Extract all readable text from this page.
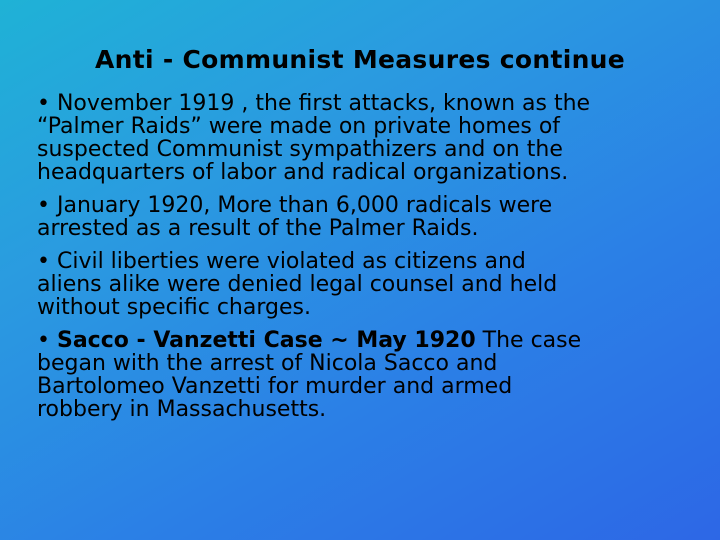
Anti - Communist Measures continue
• November 1919 , the first attacks, known as the
“Palmer Raids” were made on private homes of
suspected Communist sympathizers and on the
headquarters of labor and radical organizations.
• January 1920, More than 6,000 radicals were
arrested as a result of the Palmer Raids.
• Civil liberties were violated as citizens and
aliens alike were denied legal counsel and held
without specific charges.
• Sacco - Vanzetti Case ~ May 1920 The case
began with the arrest of Nicola Sacco and
Bartolomeo Vanzetti for murder and armed
robbery in Massachusetts.
